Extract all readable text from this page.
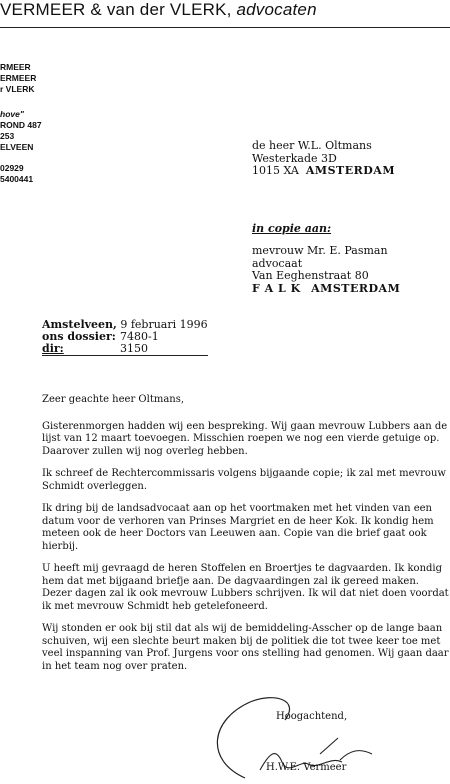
VERMEER & van der VLERK, advocaten
RMEER
ERMEER
r VLERK
hove"
ROND 487
253
ELVEEN
02929
5400441
de heer W.L. Oltmans
Westerkade 3D
1015 XA AMSTERDAM
in copie aan:
mevrouw Mr. E. Pasman
advocaat
Van Eeghenstraat 80
F A L K AMSTERDAM
Amstelveen, 9 februari 1996
ons dossier: 7480-1
dir:	3150

Zeer geachte heer Oltmans,

Gisterenmorgen hadden wij een bespreking. Wij gaan mevrouw Lubbers aan de lijst van 12 maart toevoegen. Misschien roepen we nog een vierde getuige op. Daarover zullen wij nog overleg hebben.

Ik schreef de Rechtercommissaris volgens bijgaande copie; ik zal met mevrouw Schmidt overleggen.

Ik dring bij de landsadvocaat aan op het voortmaken met het vinden van een datum voor de verhoren van Prinses Margriet en de heer Kok. Ik kondig hem meteen ook de heer Doctors van Leeuwen aan. Copie van die brief gaat ook hierbij.

U heeft mij gevraagd de heren Stoffelen en Broertjes te dagvaarden. Ik kondig hem dat met bijgaand briefje aan. De dagvaardingen zal ik gereed maken. Dezer dagen zal ik ook mevrouw Lubbers schrijven. Ik wil dat niet doen voordat ik met mevrouw Schmidt heb getelefoneerd.

Wij stonden er ook bij stil dat als wij de bemiddeling-Asscher op de lange baan schuiven, wij een slechte beurt maken bij de politiek die tot twee keer toe met veel inspanning van Prof. Jurgens voor ons stelling had genomen. Wij gaan daar in het team nog over praten.

Hoogachtend,
H.W.E. Vermeer
